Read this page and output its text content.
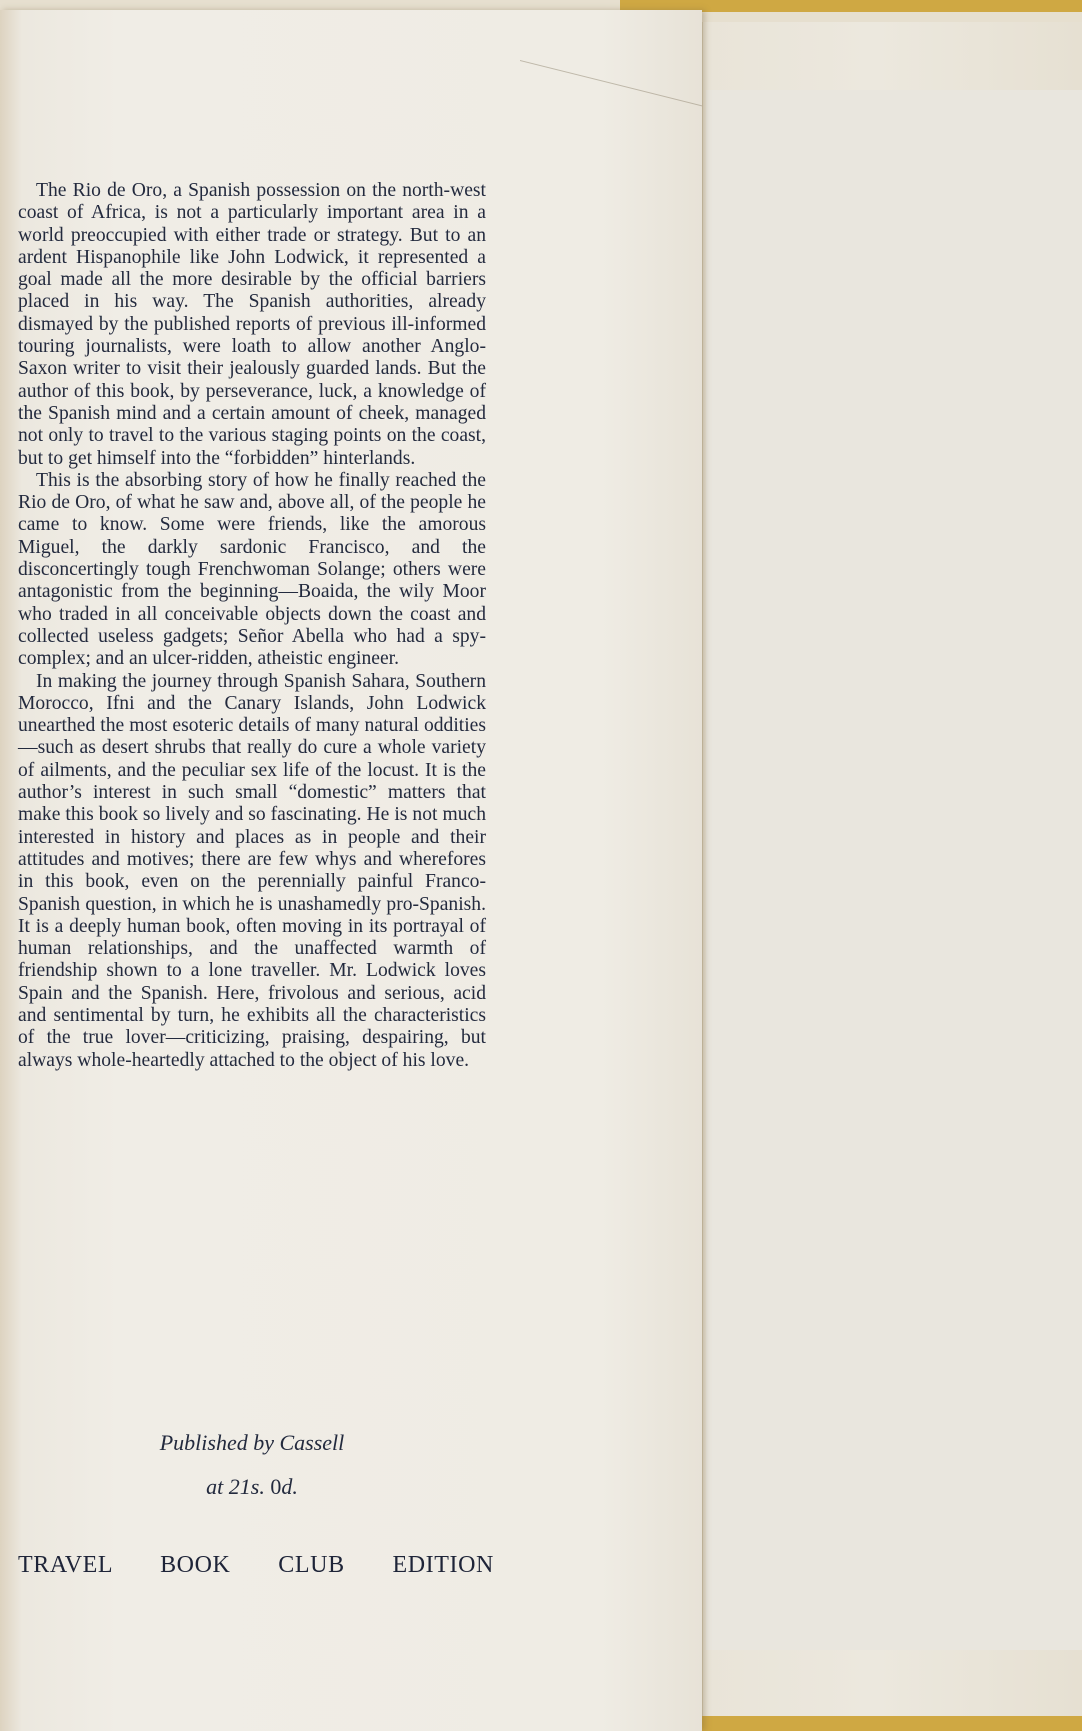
The Rio de Oro, a Spanish possession on the north-west coast of Africa, is not a particularly important area in a world preoccupied with either trade or strategy. But to an ardent Hispanophile like John Lodwick, it represented a goal made all the more desirable by the official barriers placed in his way. The Spanish authorities, already dismayed by the published reports of previous ill-informed touring journalists, were loath to allow another Anglo-Saxon writer to visit their jealously guarded lands. But the author of this book, by perseverance, luck, a knowledge of the Spanish mind and a certain amount of cheek, managed not only to travel to the various staging points on the coast, but to get himself into the “forbidden” hinterlands.

This is the absorbing story of how he finally reached the Rio de Oro, of what he saw and, above all, of the people he came to know. Some were friends, like the amorous Miguel, the darkly sardonic Francisco, and the disconcertingly tough Frenchwoman Solange; others were antagonistic from the beginning—Boaida, the wily Moor who traded in all conceivable objects down the coast and collected useless gadgets; Señor Abella who had a spy-complex; and an ulcer-ridden, atheistic engineer.

In making the journey through Spanish Sahara, Southern Morocco, Ifni and the Canary Islands, John Lodwick unearthed the most esoteric details of many natural oddities—such as desert shrubs that really do cure a whole variety of ailments, and the peculiar sex life of the locust. It is the author’s interest in such small “domestic” matters that make this book so lively and so fascinating. He is not much interested in history and places as in people and their attitudes and motives; there are few whys and wherefores in this book, even on the perennially painful Franco-Spanish question, in which he is unashamedly pro-Spanish. It is a deeply human book, often moving in its portrayal of human relationships, and the unaffected warmth of friendship shown to a lone traveller. Mr. Lodwick loves Spain and the Spanish. Here, frivolous and serious, acid and sentimental by turn, he exhibits all the characteristics of the true lover—criticizing, praising, despairing, but always whole-heartedly attached to the object of his love.

Published by Cassell
at 21s. 0d.
TRAVEL BOOK CLUB EDITION
